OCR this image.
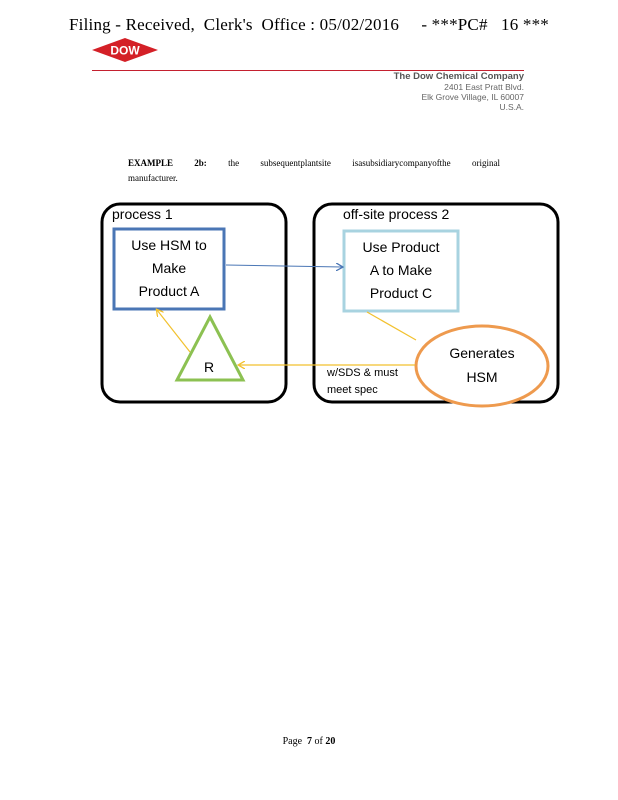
Filing - Received,  Clerk's  Office : 05/02/2016     - ***PC#   16 ***
DOW
The Dow Chemical Company
2401 East Pratt Blvd.
Elk Grove Village, IL 60007
U.S.A.
EXAMPLE 2b: the subsequentplantsite isasubsidiarycompanyofthe original
manufacturer.
process 1	off-site process 2
Use HSM to
Make
Product A
Use Product
A to Make
Product C
Generates
HSM
R	w/SDS & must
meet spec
Page 7 of 20
